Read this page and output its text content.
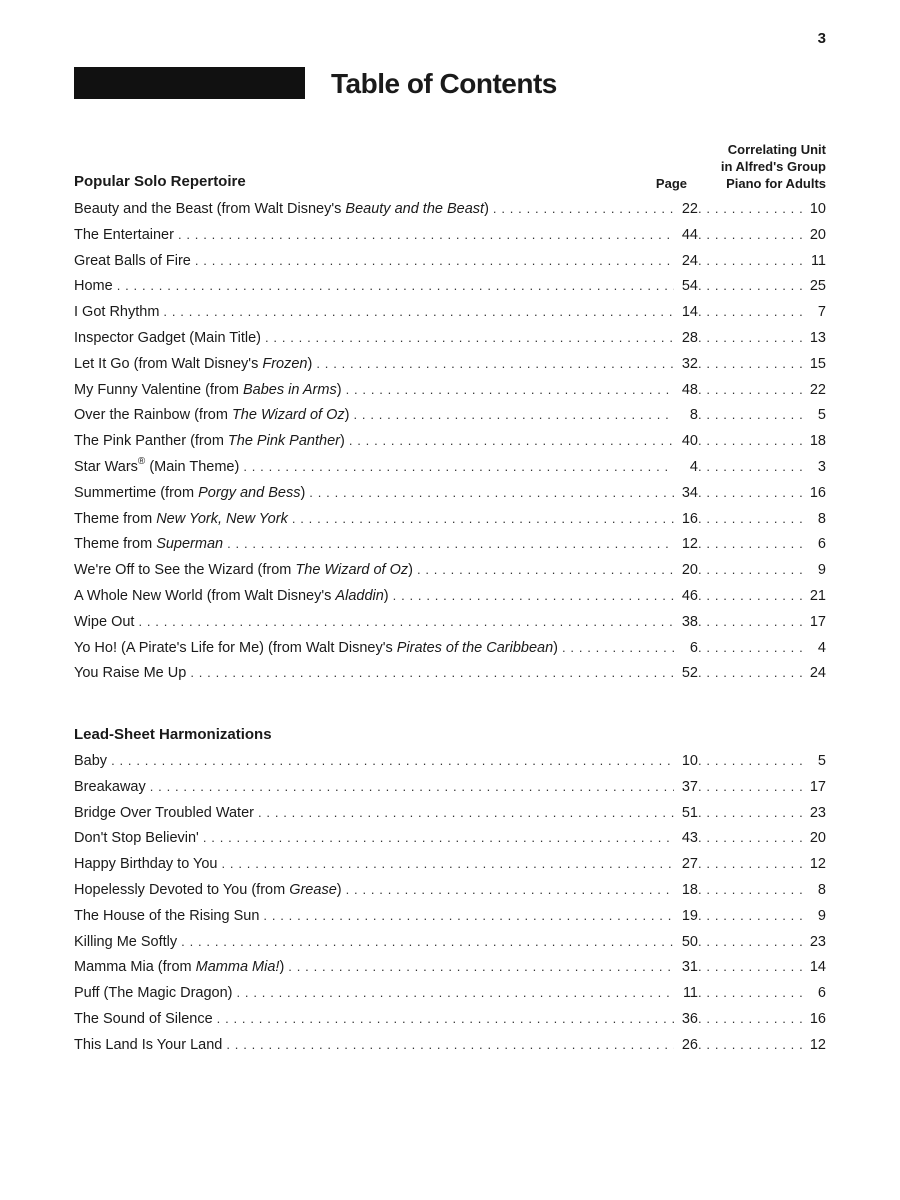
3
Table of Contents
Correlating Unit
in Alfred's Group
Piano for Adults
Page
Popular Solo Repertoire
Beauty and the Beast (from Walt Disney's Beauty and the Beast) . . .	22 . . .	10
The Entertainer . . .	44 . . .	20
Great Balls of Fire . . .	24 . . .	11
Home . . .	54 . . .	25
I Got Rhythm . . .	14 . . .	7
Inspector Gadget (Main Title) . . .	28 . . .	13
Let It Go (from Walt Disney's Frozen) . . .	32 . . .	15
My Funny Valentine (from Babes in Arms) . . .	48 . . .	22
Over the Rainbow (from The Wizard of Oz) . . .	8 . . .	5
The Pink Panther (from The Pink Panther) . . .	40 . . .	18
Star Wars® (Main Theme) . . .	4 . . .	3
Summertime (from Porgy and Bess) . . .	34 . . .	16
Theme from New York, New York . . .	16 . . .	8
Theme from Superman . . .	12 . . .	6
We're Off to See the Wizard (from The Wizard of Oz) . . .	20 . . .	9
A Whole New World (from Walt Disney's Aladdin) . . .	46 . . .	21
Wipe Out . . .	38 . . .	17
Yo Ho! (A Pirate's Life for Me) (from Walt Disney's Pirates of the Caribbean) . . .	6 . . .	4
You Raise Me Up . . .	52 . . .	24
Lead-Sheet Harmonizations
Baby . . .	10 . . .	5
Breakaway . . .	37 . . .	17
Bridge Over Troubled Water . . .	51 . . .	23
Don't Stop Believin' . . .	43 . . .	20
Happy Birthday to You . . .	27 . . .	12
Hopelessly Devoted to You (from Grease) . . .	18 . . .	8
The House of the Rising Sun . . .	19 . . .	9
Killing Me Softly . . .	50 . . .	23
Mamma Mia (from Mamma Mia!) . . .	31 . . .	14
Puff (The Magic Dragon) . . .	11 . . .	6
The Sound of Silence . . .	36 . . .	16
This Land Is Your Land . . .	26 . . .	12
